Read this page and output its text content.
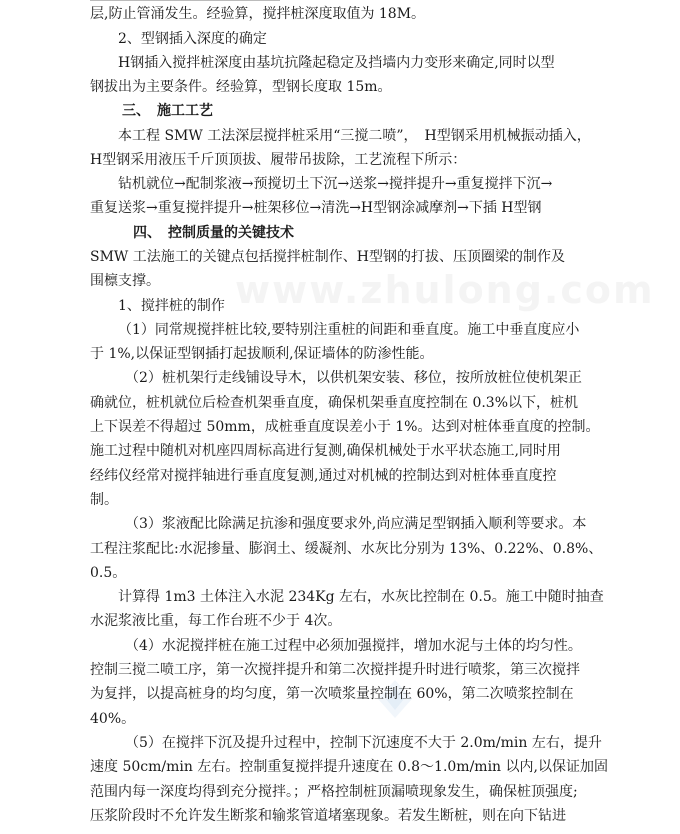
www.zhulong.com
层,防止管涌发生。经验算，搅拌桩深度取值为 18M。
2、型钢插入深度的确定
H钢插入搅拌桩深度由基坑抗隆起稳定及挡墙内力变形来确定,同时以型
钢拔出为主要条件。经验算，型钢长度取 15m。
三、　施工工艺
本工程 SMW 工法深层搅拌桩采用“三搅二喷”，　H型钢采用机械振动插入，
H型钢采用液压千斤顶顶拔、履带吊拔除，工艺流程下所示：
钻机就位→配制浆液→预搅切土下沉→送浆→搅拌提升→重复搅拌下沉→
重复送浆→重复搅拌提升→桩架移位→清洗→H型钢涂减摩剂→下插 H型钢
四、　控制质量的关键技术
SMW 工法施工的关键点包括搅拌桩制作、H型钢的打拔、压顶圈梁的制作及
围檩支撑。
1、搅拌桩的制作
（1）同常规搅拌桩比较,要特别注重桩的间距和垂直度。施工中垂直度应小
于 1%,以保证型钢插打起拔顺利,保证墙体的防渗性能。
（2）桩机架行走线铺设导木，以供机架安装、移位，按所放桩位使机架正
确就位，桩机就位后检查机架垂直度，确保机架垂直度控制在 0.3%以下，桩机
上下误差不得超过 50mm，成桩垂直度误差小于 1%。达到对桩体垂直度的控制。
施工过程中随机对机座四周标高进行复测,确保机械处于水平状态施工,同时用
经纬仪经常对搅拌轴进行垂直度复测,通过对机械的控制达到对桩体垂直度控
制。
（3）浆液配比除满足抗渗和强度要求外,尚应满足型钢插入顺利等要求。本
工程注浆配比:水泥掺量、膨润土、缓凝剂、水灰比分别为 13%、0.22%、0.8%、
0.5。
计算得 1m3 土体注入水泥 234Kg 左右，水灰比控制在 0.5。施工中随时抽查
水泥浆液比重，每工作台班不少于 4次。
（4）水泥搅拌桩在施工过程中必须加强搅拌，增加水泥与土体的均匀性。
控制三搅二喷工序，第一次搅拌提升和第二次搅拌提升时进行喷浆，第三次搅拌
为复拌，以提高桩身的均匀度，第一次喷浆量控制在 60%，第二次喷浆控制在
40%。
（5）在搅拌下沉及提升过程中，控制下沉速度不大于 2.0m/min 左右，提升
速度 50cm/min 左右。控制重复搅拌提升速度在 0.8～1.0m/min 以内,以保证加固
范围内每一深度均得到充分搅拌。；严格控制桩顶漏喷现象发生，确保桩顶强度;
压浆阶段时不允许发生断浆和输浆管道堵塞现象。若发生断桩，则在向下钻进
